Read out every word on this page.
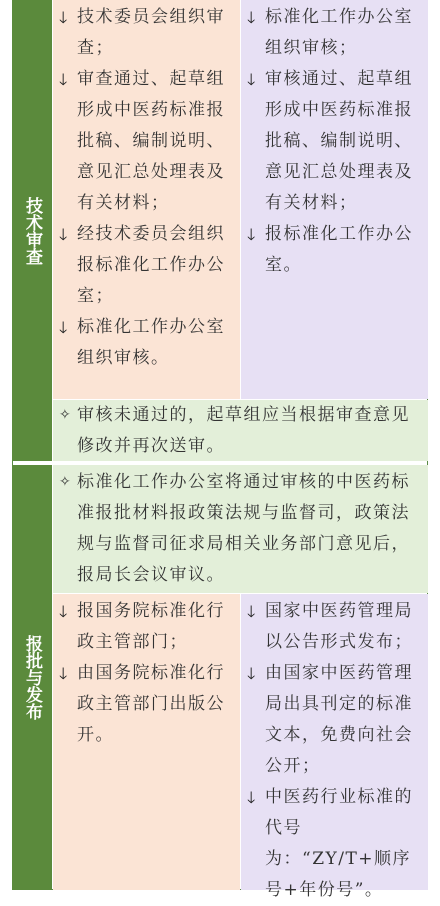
技术审查
🡓 技术委员会组织审查；
🡓 审查通过、起草组形成中医药标准报批稿、编制说明、意见汇总处理表及有关材料；
🡓 经技术委员会组织报标准化工作办公室；
🡓 标准化工作办公室组织审核。
🡓 标准化工作办公室组织审核；
🡓 审核通过、起草组形成中医药标准报批稿、编制说明、意见汇总处理表及有关材料；
🡓 报标准化工作办公室。
✧ 审核未通过的，起草组应当根据审查意见修改并再次送审。
报批与发布
✧ 标准化工作办公室将通过审核的中医药标准报批材料报政策法规与监督司，政策法规与监督司征求局相关业务部门意见后，报局长会议审议。
🡓 报国务院标准化行政主管部门；
🡓 由国务院标准化行政主管部门出版公开。
🡓 国家中医药管理局以公告形式发布；
🡓 由国家中医药管理局出具刊定的标准文本，免费向社会公开；
🡓 中医药行业标准的代号为：“ZY/T+顺序号+年份号”。
